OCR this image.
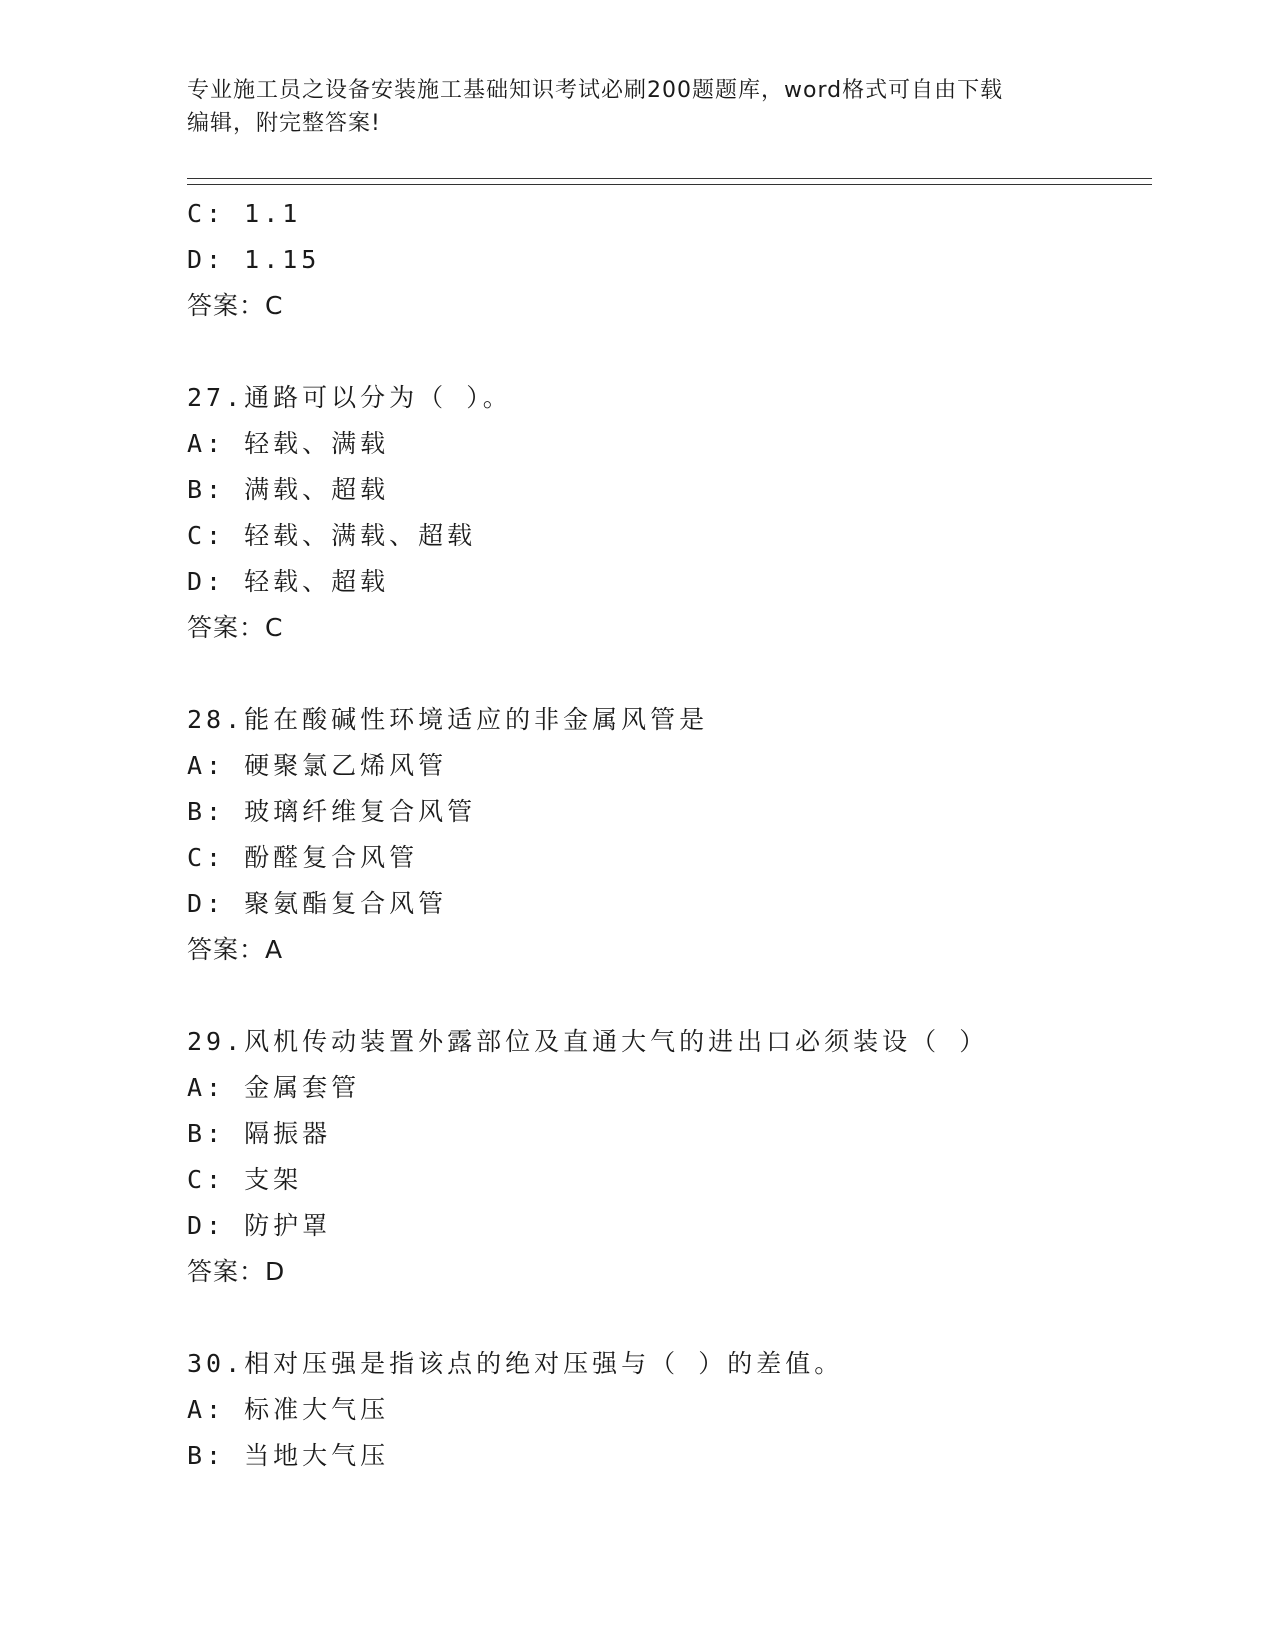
专业施工员之设备安装施工基础知识考试必刷200题题库，word格式可自由下载
编辑，附完整答案!
C: 1.1
D: 1.15
答案：C
27.通路可以分为（ ）。
A: 轻载、满载
B: 满载、超载
C: 轻载、满载、超载
D: 轻载、超载
答案：C
28.能在酸碱性环境适应的非金属风管是
A: 硬聚氯乙烯风管
B: 玻璃纤维复合风管
C: 酚醛复合风管
D: 聚氨酯复合风管
答案：A
29.风机传动装置外露部位及直通大气的进出口必须装设（ ）
A: 金属套管
B: 隔振器
C: 支架
D: 防护罩
答案：D
30.相对压强是指该点的绝对压强与（ ）的差值。
A: 标准大气压
B: 当地大气压
